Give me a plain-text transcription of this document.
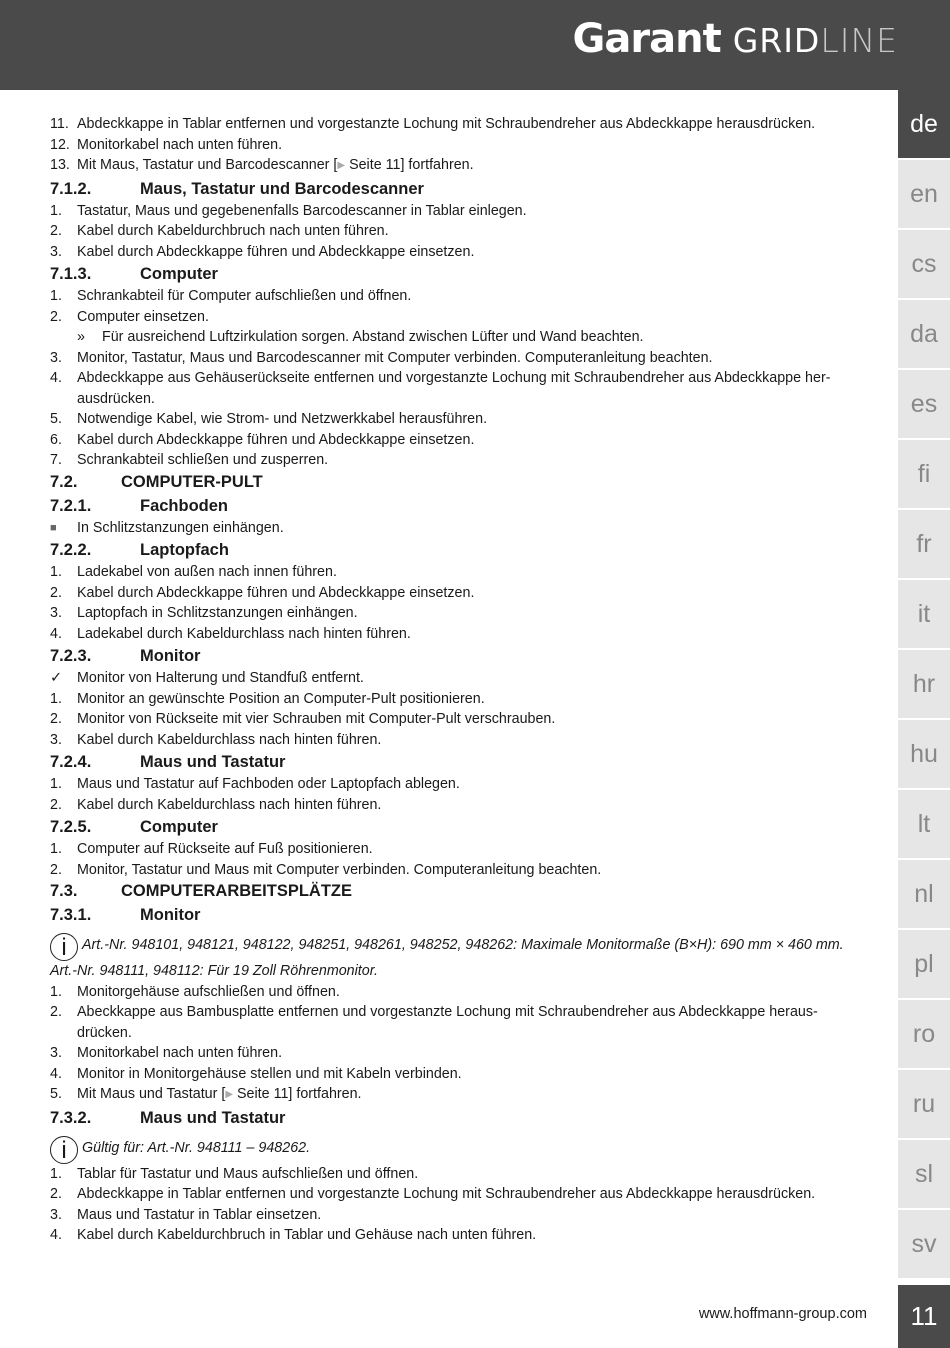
Garant GRID LINE
de
en
cs
da
es
fi
fr
it
hr
hu
lt
nl
pl
ro
ru
sl
sv
11
11. Abdeckkappe in Tablar entfernen und vorgestanzte Lochung mit Schraubendreher aus Abdeckkappe herausdrücken.
12. Monitorkabel nach unten führen.
13. Mit Maus, Tastatur und Barcodescanner [▶ Seite 11] fortfahren.
7.1.2.	Maus, Tastatur und Barcodescanner
1.	Tastatur, Maus und gegebenenfalls Barcodescanner in Tablar einlegen.
2.	Kabel durch Kabeldurchbruch nach unten führen.
3.	Kabel durch Abdeckkappe führen und Abdeckkappe einsetzen.
7.1.3.	Computer
1.	Schrankabteil für Computer aufschließen und öffnen.
2.	Computer einsetzen.
»	Für ausreichend Luftzirkulation sorgen. Abstand zwischen Lüfter und Wand beachten.
3.	Monitor, Tastatur, Maus und Barcodescanner mit Computer verbinden. Computeranleitung beachten.
4.	Abdeckkappe aus Gehäuserückseite entfernen und vorgestanzte Lochung mit Schraubendreher aus Abdeckkappe her-ausdrücken.
5.	Notwendige Kabel, wie Strom- und Netzwerkkabel herausführen.
6.	Kabel durch Abdeckkappe führen und Abdeckkappe einsetzen.
7.	Schrankabteil schließen und zusperren.
7.2.	COMPUTER-PULT
7.2.1.	Fachboden
■	In Schlitzstanzungen einhängen.
7.2.2.	Laptopfach
1.	Ladekabel von außen nach innen führen.
2.	Kabel durch Abdeckkappe führen und Abdeckkappe einsetzen.
3.	Laptopfach in Schlitzstanzungen einhängen.
4.	Ladekabel durch Kabeldurchlass nach hinten führen.
7.2.3.	Monitor
✓	Monitor von Halterung und Standfuß entfernt.
1.	Monitor an gewünschte Position an Computer-Pult positionieren.
2.	Monitor von Rückseite mit vier Schrauben mit Computer-Pult verschrauben.
3.	Kabel durch Kabeldurchlass nach hinten führen.
7.2.4.	Maus und Tastatur
1.	Maus und Tastatur auf Fachboden oder Laptopfach ablegen.
2.	Kabel durch Kabeldurchlass nach hinten führen.
7.2.5.	Computer
1.	Computer auf Rückseite auf Fuß positionieren.
2.	Monitor, Tastatur und Maus mit Computer verbinden. Computeranleitung beachten.
7.3.	COMPUTERARBEITSPLÄTZE
7.3.1.	Monitor
i Art.-Nr. 948101, 948121, 948122, 948251, 948261, 948252, 948262: Maximale Monitormaße (B×H): 690 mm × 460 mm.
Art.-Nr. 948111, 948112: Für 19 Zoll Röhrenmonitor.
1.	Monitorgehäuse aufschließen und öffnen.
2.	Abeckkappe aus Bambusplatte entfernen und vorgestanzte Lochung mit Schraubendreher aus Abdeckkappe heraus-drücken.
3.	Monitorkabel nach unten führen.
4.	Monitor in Monitorgehäuse stellen und mit Kabeln verbinden.
5.	Mit Maus und Tastatur [▶ Seite 11] fortfahren.
7.3.2.	Maus und Tastatur
i Gültig für: Art.-Nr. 948111 – 948262.
1.	Tablar für Tastatur und Maus aufschließen und öffnen.
2.	Abdeckkappe in Tablar entfernen und vorgestanzte Lochung mit Schraubendreher aus Abdeckkappe herausdrücken.
3.	Maus und Tastatur in Tablar einsetzen.
4.	Kabel durch Kabeldurchbruch in Tablar und Gehäuse nach unten führen.
www.hoffmann-group.com
